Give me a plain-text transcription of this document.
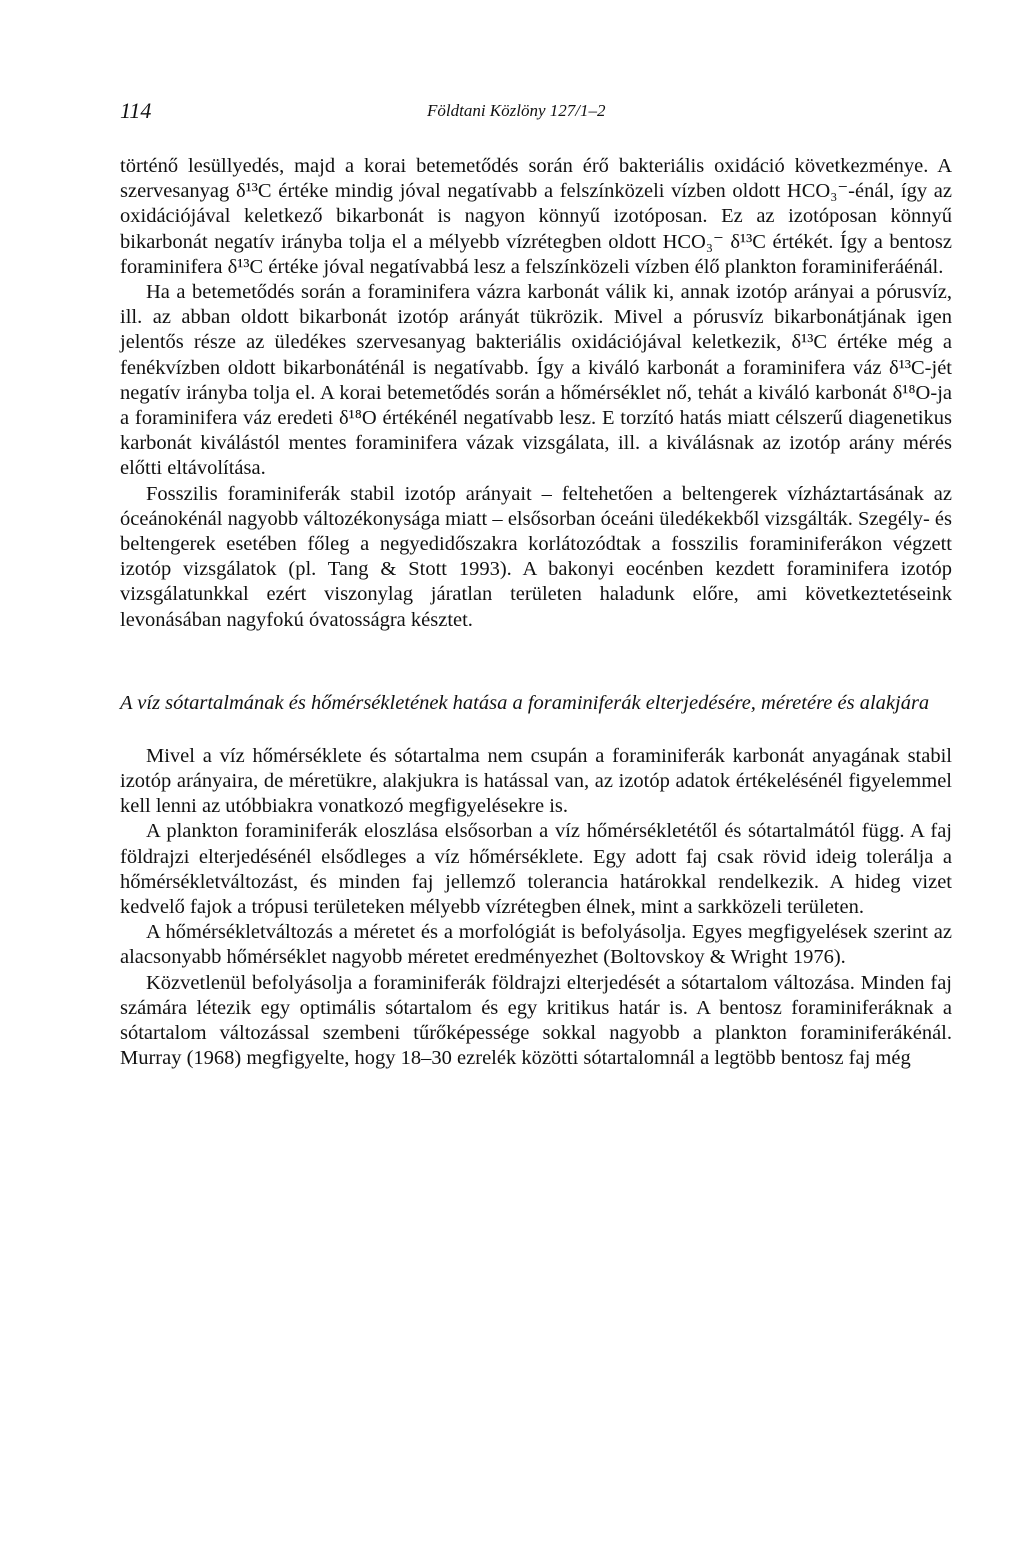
114	Földtani Közlöny 127/1–2

történő lesüllyedés, majd a korai betemetődés során érő bakteriális oxidáció következménye. A szervesanyag δ¹³C értéke mindig jóval negatívabb a felszínközeli vízben oldott HCO₃⁻-énál, így az oxidációjával keletkező bikarbonát is nagyon könnyű izotóposan. Ez az izotóposan könnyű bikarbonát negatív irányba tolja el a mélyebb vízrétegben oldott HCO₃⁻ δ¹³C értékét. Így a bentosz foraminifera δ¹³C értéke jóval negatívabbá lesz a felszínközeli vízben élő plankton foraminiferáénál.

Ha a betemetődés során a foraminifera vázra karbonát válik ki, annak izotóp arányai a pórusvíz, ill. az abban oldott bikarbonát izotóp arányát tükrözik. Mivel a pórusvíz bikarbonátjának igen jelentős része az üledékes szervesanyag bakteriális oxidációjával keletkezik, δ¹³C értéke még a fenékvízben oldott bikarbonáténál is negatívabb. Így a kiváló karbonát a foraminifera váz δ¹³C-jét negatív irányba tolja el. A korai betemetődés során a hőmérséklet nő, tehát a kiváló karbonát δ¹⁸O-ja a foraminifera váz eredeti δ¹⁸O értékénél negatívabb lesz. E torzító hatás miatt célszerű diagenetikus karbonát kiválástól mentes foraminifera vázak vizsgálata, ill. a kiválásnak az izotóp arány mérés előtti eltávolítása.

Fosszilis foraminiferák stabil izotóp arányait – feltehetően a beltengerek vízháztartásának az óceánokénál nagyobb változékonysága miatt – elsősorban óceáni üledékekből vizsgálták. Szegély- és beltengerek esetében főleg a negyedidőszakra korlátozódtak a fosszilis foraminiferákon végzett izotóp vizsgálatok (pl. Tang & Stott 1993). A bakonyi eocénben kezdett foraminifera izotóp vizsgálatunkkal ezért viszonylag járatlan területen haladunk előre, ami következtetéseink levonásában nagyfokú óvatosságra késztet.

A víz sótartalmának és hőmérsékletének hatása a foraminiferák elterjedésére, méretére és alakjára

Mivel a víz hőmérséklete és sótartalma nem csupán a foraminiferák karbonát anyagának stabil izotóp arányaira, de méretükre, alakjukra is hatással van, az izotóp adatok értékelésénél figyelemmel kell lenni az utóbbiakra vonatkozó megfigyelésekre is.

A plankton foraminiferák eloszlása elsősorban a víz hőmérsékletétől és sótartalmától függ. A faj földrajzi elterjedésénél elsődleges a víz hőmérséklete. Egy adott faj csak rövid ideig tolerálja a hőmérsékletváltozást, és minden faj jellemző tolerancia határokkal rendelkezik. A hideg vizet kedvelő fajok a trópusi területeken mélyebb vízrétegben élnek, mint a sarkközeli területen.

A hőmérsékletváltozás a méretet és a morfológiát is befolyásolja. Egyes megfigyelések szerint az alacsonyabb hőmérséklet nagyobb méretet eredményezhet (Boltovskoy & Wright 1976).

Közvetlenül befolyásolja a foraminiferák földrajzi elterjedését a sótartalom változása. Minden faj számára létezik egy optimális sótartalom és egy kritikus határ is. A bentosz foraminiferáknak a sótartalom változással szembeni tűrőképessége sokkal nagyobb a plankton foraminiferákénál. Murray (1968) megfigyelte, hogy 18–30 ezrelék közötti sótartalomnál a legtöbb bentosz faj még
